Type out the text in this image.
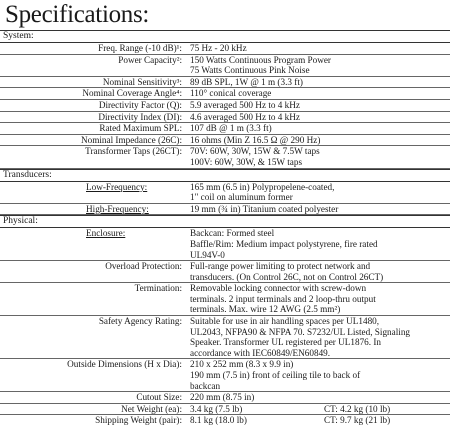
Specifications:
System:
Freq. Range (-10 dB)¹: 75 Hz - 20 kHz
Power Capacity²: 150 Watts Continuous Program Power
75 Watts Continuous Pink Noise
Nominal Sensitivity³: 89 dB SPL, 1W @ 1 m (3.3 ft)
Nominal Coverage Angle⁴: 110° conical coverage
Directivity Factor (Q): 5.9 averaged 500 Hz to 4 kHz
Directivity Index (DI): 4.6 averaged 500 Hz to 4 kHz
Rated Maximum SPL: 107 dB @ 1 m (3.3 ft)
Nominal Impedance (26C): 16 ohms (Min Z 16.5 Ω @ 290 Hz)
Transformer Taps (26CT): 70V: 60W, 30W, 15W & 7.5W taps
100V: 60W, 30W, & 15W taps
Transducers:
Low-Frequency:	165 mm (6.5 in) Polypropelene-coated,
1" coil on aluminum former
High-Frequency:	19 mm (¾ in) Titanium coated polyester
Physical:
Enclosure:	Backcan: Formed steel
Baffle/Rim: Medium impact polystyrene, fire rated
UL94V-0
Overload Protection: Full-range power limiting to protect network and
transducers. (On Control 26C, not on Control 26CT)
Termination: Removable locking connector with screw-down
terminals. 2 input terminals and 2 loop-thru output
terminals. Max. wire 12 AWG (2.5 mm²)
Safety Agency Rating: Suitable for use in air handling spaces per UL1480,
UL2043, NFPA90 & NFPA 70. S7232/UL Listed, Signaling
Speaker. Transformer UL registered per UL1876. In
accordance with IEC60849/EN60849.
Outside Dimensions (H x Dia): 210 x 252 mm (8.3 x 9.9 in)
190 mm (7.5 in) front of ceiling tile to back of
backcan
Cutout Size: 220 mm (8.75 in)
Net Weight (ea): 3.4 kg (7.5 lb)	CT: 4.2 kg (10 lb)
Shipping Weight (pair): 8.1 kg (18.0 lb)	CT: 9.7 kg (21 lb)
